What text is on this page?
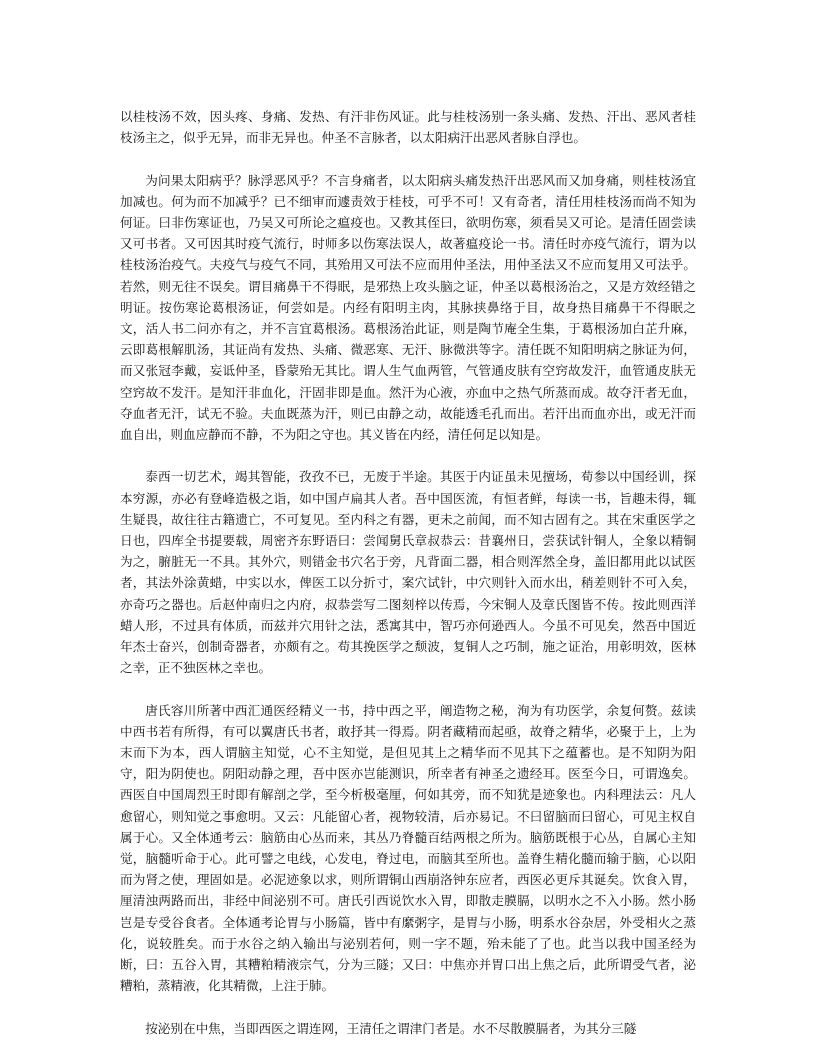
以桂枝汤不效，因头疼、身痛、发热、有汗非伤风证。此与桂枝汤别一条头痛、发热、汗出、恶风者桂枝汤主之，似乎无异，而非无异也。仲圣不言脉者，以太阳病汗出恶风者脉自浮也。

为问果太阳病乎？脉浮恶风乎？不言身痛者，以太阳病头痛发热汗出恶风而又加身痛，则桂枝汤宜加减也。何为而不加减乎？已不细审而遽责效于桂枝，可乎不可！又有奇者，清任用桂枝汤而尚不知为何证。曰非伤寒证也，乃吴又可所论之瘟疫也。又教其侄曰，欲明伤寒，须看吴又可论。是清任固尝读又可书者。又可因其时疫气流行，时师多以伤寒法误人，故著瘟疫论一书。清任时亦疫气流行，谓为以桂枝汤治疫气。夫疫气与疫气不同，其殆用又可法不应而用仲圣法，用仲圣法又不应而复用又可法乎。若然，则无往不误矣。谓目痛鼻干不得眠，是邪热上攻头脑之证，仲圣以葛根汤治之，又是方效经错之明证。按伤寒论葛根汤证，何尝如是。内经有阳明主肉，其脉挟鼻络于目，故身热目痛鼻干不得眠之文，活人书二问亦有之，并不言宜葛根汤。葛根汤治此证，则是陶节庵全生集，于葛根汤加白芷升麻，云即葛根解肌汤，其证尚有发热、头痛、微恶寒、无汗、脉微洪等字。清任既不知阳明病之脉证为何，而又张冠李戴，妄诋仲圣，昏蒙殆无其比。谓人生气血两管，气管通皮肤有空窍故发汗，血管通皮肤无空窍故不发汗。是知汗非血化，汗固非即是血。然汗为心液，亦血中之热气所蒸而成。故夺汗者无血，夺血者无汗，试无不验。夫血既蒸为汗，则已由静之动，故能透毛孔而出。若汗出而血亦出，或无汗而血自出，则血应静而不静，不为阳之守也。其义皆在内经，清任何足以知是。

泰西一切艺术，竭其智能，孜孜不已，无废于半途。其医于内证虽未见擅场，荀参以中国经训，探本穷源，亦必有登峰造极之诣，如中国卢扁其人者。吾中国医流，有恒者鲜，每读一书，旨趣未得，辄生疑畏，故往往古籍遗亡，不可复见。至内科之有器，更未之前闻，而不知古固有之。其在宋重医学之日也，四库全书提要载，周密齐东野语曰：尝闻舅氏章叔恭云：昔襄州日，尝获试针铜人，全象以精铜为之，腑脏无一不具。其外穴，则错金书穴名于旁，凡背面二器，相合则浑然全身，盖旧都用此以试医者，其法外涂黄蜡，中实以水，俾医工以分折寸，案穴试针，中穴则针入而水出，稍差则针不可入矣，亦奇巧之器也。后赵仲南归之内府，叔恭尝写二图刻梓以传焉，今宋铜人及章氏图皆不传。按此则西洋蜡人形，不过具有体质，而兹并穴用针之法，悉寓其中，智巧亦何逊西人。今虽不可见矣，然吾中国近年杰士奋兴，创制奇器者，亦颇有之。苟其挽医学之颓波，复铜人之巧制，施之证治，用彰明效，医林之幸，正不独医林之幸也。

唐氏容川所著中西汇通医经精义一书，持中西之平，阐造物之秘，洵为有功医学，余复何赘。兹读中西书若有所得，有可以翼唐氏书者，敢抒其一得焉。阴者藏精而起亟，故脊之精华，必聚于上，上为末而下为本，西人谓脑主知觉，心不主知觉，是但见其上之精华而不见其下之蕴蓄也。是不知阴为阳守，阳为阴使也。阴阳动静之理，吾中医亦岂能测识，所幸者有神圣之遗经耳。医至今日，可谓逸矣。西医自中国周烈王时即有解剖之学，至今析极毫厘，何如其旁，而不知犹是迹象也。内科理法云：凡人愈留心，则知觉之事愈明。又云：凡能留心者，视物较清，后亦易记。不曰留脑而曰留心，可见主权自属于心。又全体通考云：脑筋由心丛而来，其丛乃脊髓百结两根之所为。脑筋既根于心丛，自属心主知觉，脑髓听命于心。此可譬之电线，心发电，脊过电，而脑其至所也。盖脊生精化髓而输于脑，心以阳而为肾之使，理固如是。必泥迹象以求，则所谓铜山西崩洛钟东应者，西医必更斥其诞矣。饮食入胃，厘清浊两路而出，非经中间泌别不可。唐氏引西说饮水入胃，即散走膜膈，以明水之不入小肠。然小肠岂是专受谷食者。全体通考论胃与小肠篇，皆中有縻粥字，是胃与小肠，明系水谷杂居，外受相火之蒸化，说较胜矣。而于水谷之纳入输出与泌别若何，则一字不题，殆未能了了也。此当以我中国圣经为断，曰：五谷入胃，其糟粕精液宗气，分为三隧；又曰：中焦亦并胃口出上焦之后，此所谓受气者，泌糟粕，蒸精液，化其精微，上注于肺。

按泌别在中焦，当即西医之谓连网，王清任之谓津门者是。水不尽散膜膈者，为其分三隧
